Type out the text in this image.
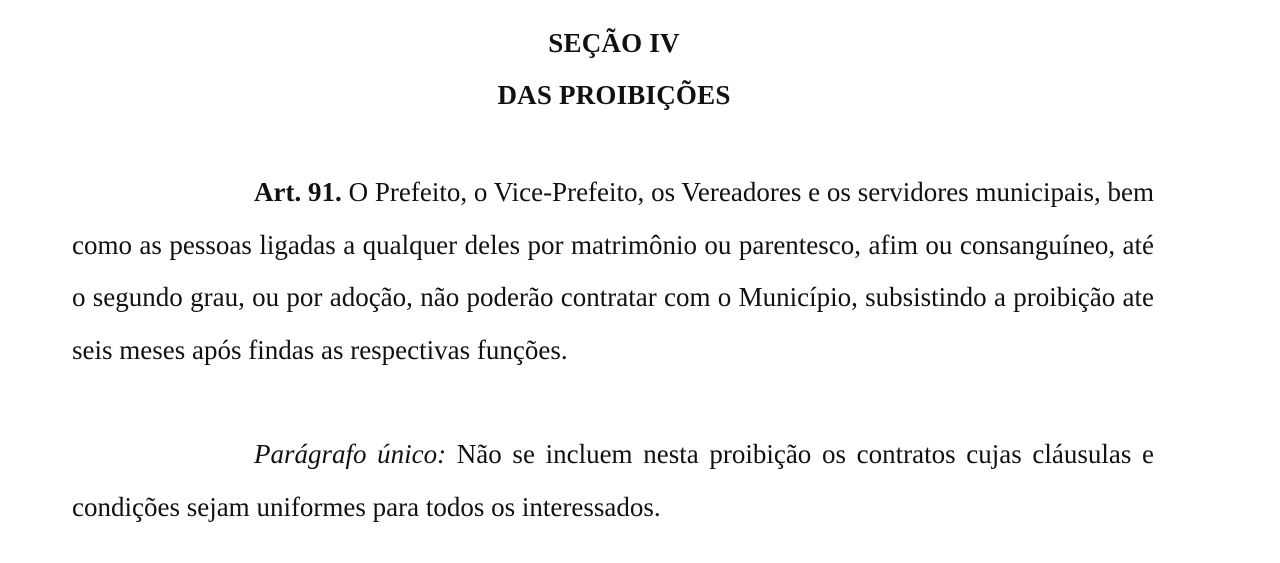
SEÇÃO IV
DAS PROIBIÇÕES

Art. 91. O Prefeito, o Vice-Prefeito, os Vereadores e os servidores municipais, bem como as pessoas ligadas a qualquer deles por matrimônio ou parentesco, afim ou consanguíneo, até o segundo grau, ou por adoção, não poderão contratar com o Município, subsistindo a proibição ate seis meses após findas as respectivas funções.

Parágrafo único: Não se incluem nesta proibição os contratos cujas cláusulas e condições sejam uniformes para todos os interessados.
